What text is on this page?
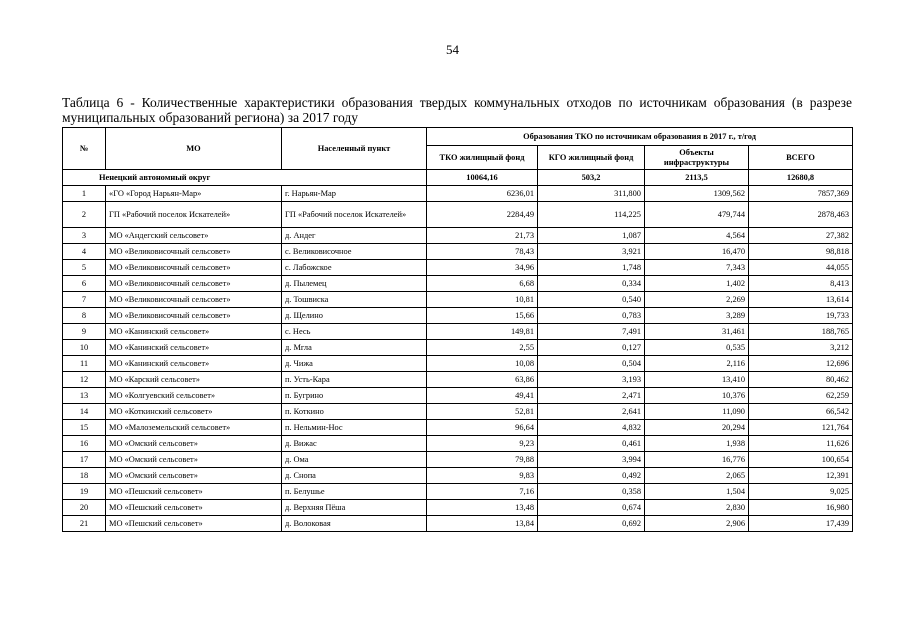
54
Таблица 6 - Количественные характеристики образования твердых коммунальных отходов по источникам образования (в разрезе муниципальных образований региона) за 2017 году
№	МО	Населенный пункт	Образования ТКО по источникам образования в 2017 г., т/год			
			ТКО жилищный фонд	КГО жилищный фонд	Объекты инфраструктуры	ВСЕГО
Ненецкий автономный округ			10064,16	503,2	2113,5	12680,8
1	«ГО «Город Нарьян-Мар»	г. Нарьян-Мар	6236,01	311,800	1309,562	7857,369
2	ГП «Рабочий поселок Искателей»	ГП «Рабочий поселок Искателей»	2284,49	114,225	479,744	2878,463
3	МО «Андегский сельсовет»	д. Андег	21,73	1,087	4,564	27,382
4	МО «Великовисочный сельсовет»	с. Великовисочное	78,43	3,921	16,470	98,818
5	МО «Великовисочный сельсовет»	с. Лабожское	34,96	1,748	7,343	44,055
6	МО «Великовисочный сельсовет»	д. Пылемец	6,68	0,334	1,402	8,413
7	МО «Великовисочный сельсовет»	д. Тошвиска	10,81	0,540	2,269	13,614
8	МО «Великовисочный сельсовет»	д. Щелино	15,66	0,783	3,289	19,733
9	МО «Канинский сельсовет»	с. Несь	149,81	7,491	31,461	188,765
10	МО «Канинский сельсовет»	д. Мгла	2,55	0,127	0,535	3,212
11	МО «Канинский сельсовет»	д. Чижа	10,08	0,504	2,116	12,696
12	МО «Карский сельсовет»	п. Усть-Кара	63,86	3,193	13,410	80,462
13	МО «Колгуевский сельсовет»	п. Бугрино	49,41	2,471	10,376	62,259
14	МО «Коткинский сельсовет»	п. Коткино	52,81	2,641	11,090	66,542
15	МО «Малоземельский сельсовет»	п. Нельмин-Нос	96,64	4,832	20,294	121,764
16	МО «Омский сельсовет»	д. Вижас	9,23	0,461	1,938	11,626
17	МО «Омский сельсовет»	д. Ома	79,88	3,994	16,776	100,654
18	МО «Омский сельсовет»	д. Снопа	9,83	0,492	2,065	12,391
19	МО «Пешский сельсовет»	п. Белушье	7,16	0,358	1,504	9,025
20	МО «Пешский сельсовет»	д. Верхняя Пёша	13,48	0,674	2,830	16,980
21	МО «Пешский сельсовет»	д. Волоковая	13,84	0,692	2,906	17,439
